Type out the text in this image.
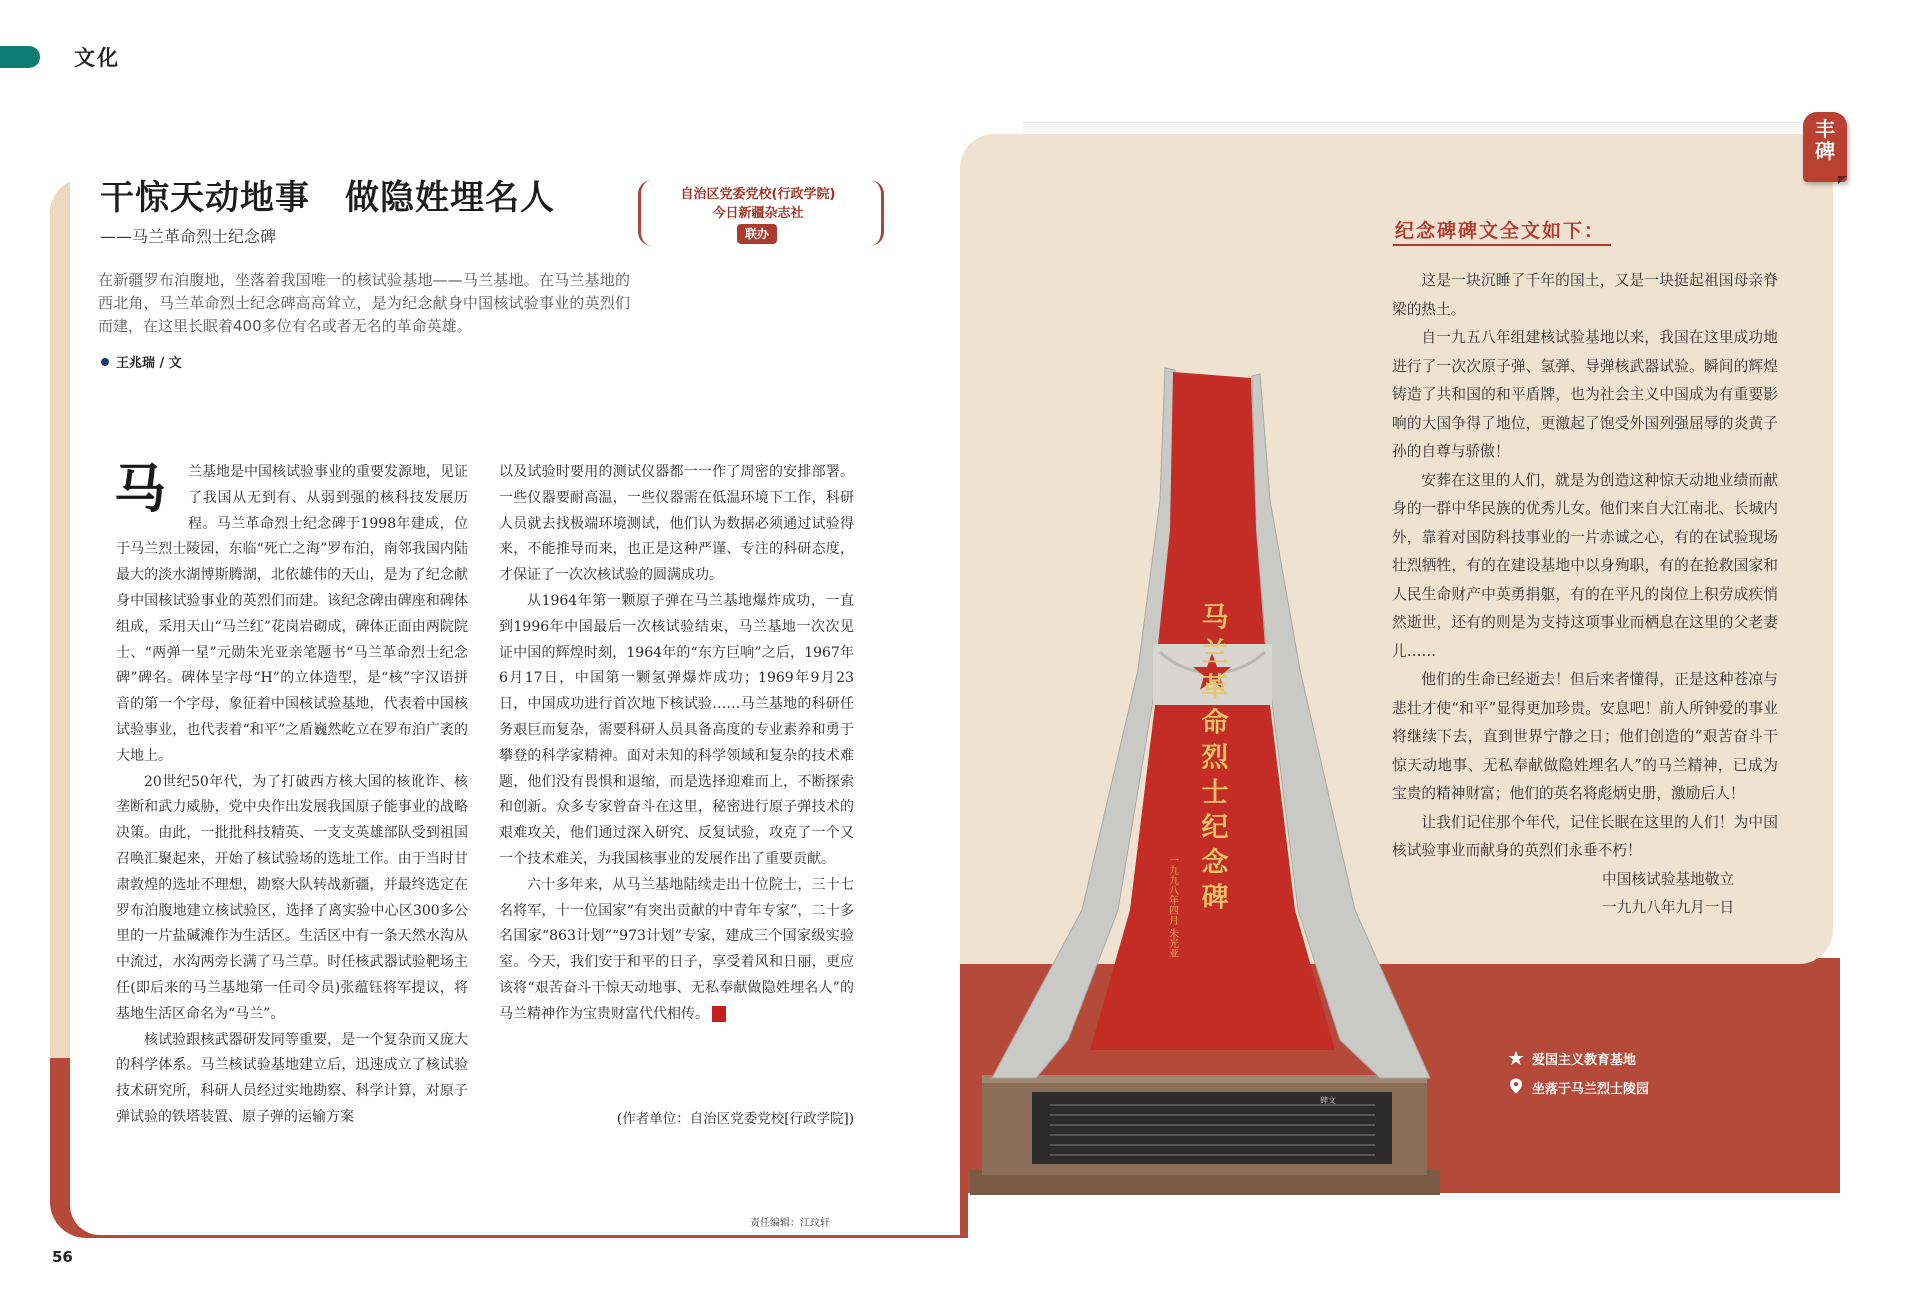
文化
干惊天动地事　做隐姓埋名人
——马兰革命烈士纪念碑
自治区党委党校(行政学院)
今日新疆杂志社
联办
在新疆罗布泊腹地，坐落着我国唯一的核试验基地——马兰基地。在马兰基地的西北角，马兰革命烈士纪念碑高高耸立，是为纪念献身中国核试验事业的英烈们而建，在这里长眠着400多位有名或者无名的革命英雄。
王兆瑞 / 文
马	兰基地是中国核试验事业的重要发源地，见证了我国从无到有、从弱到强的核科技发展历程。马兰革命烈士纪念碑于1998年建成，位于马兰烈士陵园，东临“死亡之海”罗布泊，南邻我国内陆最大的淡水湖博斯腾湖，北依雄伟的天山，是为了纪念献身中国核试验事业的英烈们而建。该纪念碑由碑座和碑体组成，采用天山“马兰红”花岗岩砌成，碑体正面由两院院士、“两弹一星”元勋朱光亚亲笔题书“马兰革命烈士纪念碑”碑名。碑体呈字母“H”的立体造型，是“核”字汉语拼音的第一个字母，象征着中国核试验基地，代表着中国核试验事业，也代表着“和平”之盾巍然屹立在罗布泊广袤的大地上。

20世纪50年代，为了打破西方核大国的核讹诈、核垄断和武力威胁，党中央作出发展我国原子能事业的战略决策。由此，一批批科技精英、一支支英雄部队受到祖国召唤汇聚起来，开始了核试验场的选址工作。由于当时甘肃敦煌的选址不理想，勘察大队转战新疆，并最终选定在罗布泊腹地建立核试验区，选择了离实验中心区300多公里的一片盐碱滩作为生活区。生活区中有一条天然水沟从中流过，水沟两旁长满了马兰草。时任核武器试验靶场主任(即后来的马兰基地第一任司令员)张蕴钰将军提议，将基地生活区命名为“马兰”。

核试验跟核武器研发同等重要，是一个复杂而又庞大的科学体系。马兰核试验基地建立后，迅速成立了核试验技术研究所，科研人员经过实地勘察、科学计算，对原子弹试验的铁塔装置、原子弹的运输方案

以及试验时要用的测试仪器都一一作了周密的安排部署。一些仪器要耐高温，一些仪器需在低温环境下工作，科研人员就去找极端环境测试，他们认为数据必须通过试验得来，不能推导而来，也正是这种严谨、专注的科研态度，才保证了一次次核试验的圆满成功。

从1964年第一颗原子弹在马兰基地爆炸成功，一直到1996年中国最后一次核试验结束，马兰基地一次次见证中国的辉煌时刻，1964年的“东方巨响”之后，1967年6月17日，中国第一颗氢弹爆炸成功；1969年9月23日，中国成功进行首次地下核试验……马兰基地的科研任务艰巨而复杂，需要科研人员具备高度的专业素养和勇于攀登的科学家精神。面对未知的科学领域和复杂的技术难题，他们没有畏惧和退缩，而是选择迎难而上，不断探索和创新。众多专家曾奋斗在这里，秘密进行原子弹技术的艰难攻关，他们通过深入研究、反复试验，攻克了一个又一个技术难关，为我国核事业的发展作出了重要贡献。

六十多年来，从马兰基地陆续走出十位院士，三十七名将军，十一位国家“有突出贡献的中青年专家”，二十多名国家“863计划”“973计划”专家，建成三个国家级实验室。今天，我们安于和平的日子，享受着风和日丽，更应该将“艰苦奋斗干惊天动地事、无私奉献做隐姓埋名人”的马兰精神作为宝贵财富代代相传。

(作者单位：自治区党委党校[行政学院])
责任编辑：江玟轩
56
丰
碑
纪念碑碑文全文如下：

这是一块沉睡了千年的国土，又是一块挺起祖国母亲脊梁的热土。

自一九五八年组建核试验基地以来，我国在这里成功地进行了一次次原子弹、氢弹、导弹核武器试验。瞬间的辉煌铸造了共和国的和平盾牌，也为社会主义中国成为有重要影响的大国争得了地位，更激起了饱受外国列强屈辱的炎黄子孙的自尊与骄傲！

安葬在这里的人们，就是为创造这种惊天动地业绩而献身的一群中华民族的优秀儿女。他们来自大江南北、长城内外，靠着对国防科技事业的一片赤诚之心，有的在试验现场壮烈牺牲，有的在建设基地中以身殉职，有的在抢救国家和人民生命财产中英勇捐躯，有的在平凡的岗位上积劳成疾悄然逝世，还有的则是为支持这项事业而栖息在这里的父老妻儿……

他们的生命已经逝去！但后来者懂得，正是这种苍凉与悲壮才使“和平”显得更加珍贵。安息吧！前人所钟爱的事业将继续下去，直到世界宁静之日；他们创造的“艰苦奋斗干惊天动地事、无私奉献做隐姓埋名人”的马兰精神，已成为宝贵的精神财富；他们的英名将彪炳史册，激励后人！

让我们记住那个年代，记住长眠在这里的人们！为中国核试验事业而献身的英烈们永垂不朽！

中国核试验基地敬立

一九九八年九月一日

碑文
马兰革命烈士纪念碑
一九九八年四月 朱光亚
爱国主义教育基地
坐落于马兰烈士陵园
